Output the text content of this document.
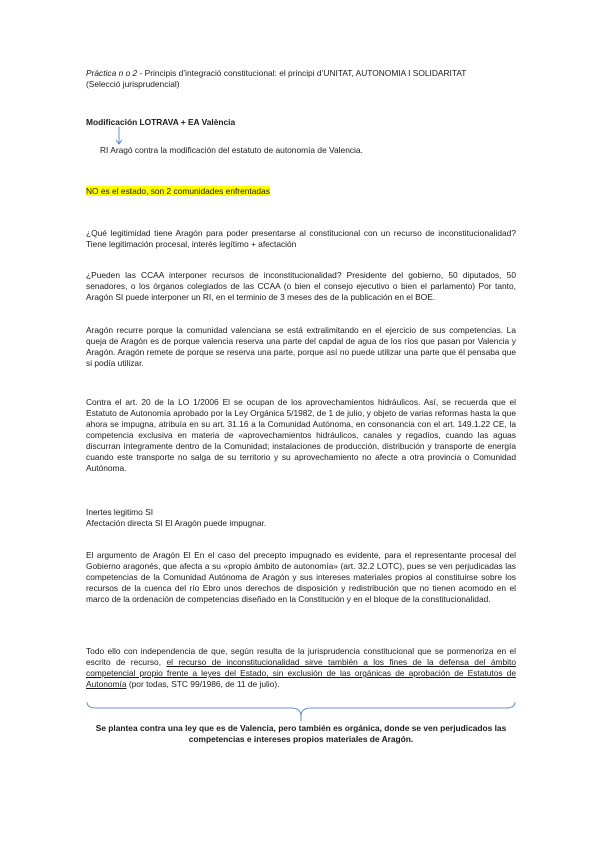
Pràctica n o 2 - Principis d’integració constitucional: el principi d’UNITAT, AUTONOMIA I SOLIDARITAT
(Selecció jurisprudencial)
Modificación LOTRAVA + EA València
RI Aragó contra la modificación del estatuto de autonomía de Valencia.
NO es el estado, son 2 comunidades enfrentadas
¿Qué legitimidad tiene Aragón para poder presentarse al constitucional con un recurso de inconstitucionalidad? Tiene legitimación procesal, interés legítimo + afectación
¿Pueden las CCAA interponer recursos de inconstitucionalidad? Presidente del gobierno, 50 diputados, 50 senadores, o los órganos colegiados de las CCAA (o bien el consejo ejecutivo o bien el parlamento) Por tanto, Aragón SI puede interponer un RI, en el terminio de 3 meses des de la publicación en el BOE.
Aragón recurre porque la comunidad valenciana se está extralimitando en el ejercicio de sus competencias. La queja de Aragón es de porque valencia reserva una parte del capdal de agua de los ríos que pasan por Valencia y Aragón. Aragón remete de porque se reserva una parte, porque así no puede utilizar una parte que él pensaba que si podía utilizar.
Contra el art. 20 de la LO 1/2006 El se ocupan de los aprovechamientos hidráulicos. Así, se recuerda que el Estatuto de Autonomía aprobado por la Ley Orgánica 5/1982, de 1 de julio, y objeto de varias reformas hasta la que ahora se impugna, atribuía en su art. 31.16 a la Comunidad Autónoma, en consonancia con el art. 149.1.22 CE, la competencia exclusiva en materia de «aprovechamientos hidráulicos, canales y regadíos, cuando las aguas discurran íntegramente dentro de la Comunidad; instalaciones de producción, distribución y transporte de energía cuando este transporte no salga de su territorio y su aprovechamiento no afecte a otra provincia o Comunidad Autónoma.
Inertes legitimo SI
Afectación directa SI El Aragón puede impugnar.
El argumento de Aragón El En el caso del precepto impugnado es evidente, para el representante procesal del Gobierno aragonés, que afecta a su «propio ámbito de autonomía» (art. 32.2 LOTC), pues se ven perjudicadas las competencias de la Comunidad Autónoma de Aragón y sus intereses materiales propios al constituirse sobre los recursos de la cuenca del río Ebro unos derechos de disposición y redistribución que no tienen acomodo en el marco de la ordenación de competencias diseñado en la Constitución y en el bloque de la constitucionalidad.
Todo ello con independencia de que, según resulta de la jurisprudencia constitucional que se pormenoriza en el escrito de recurso, el recurso de inconstitucionalidad sirve también a los fines de la defensa del ámbito competencial propio frente a leyes del Estado, sin exclusión de las orgánicas de aprobación de Estatutos de Autonomía (por todas, STC 99/1986, de 11 de julio).
Se plantea contra una ley que es de Valencia, pero también es orgánica, donde se ven perjudicados las competencias e intereses propios materiales de Aragón.
